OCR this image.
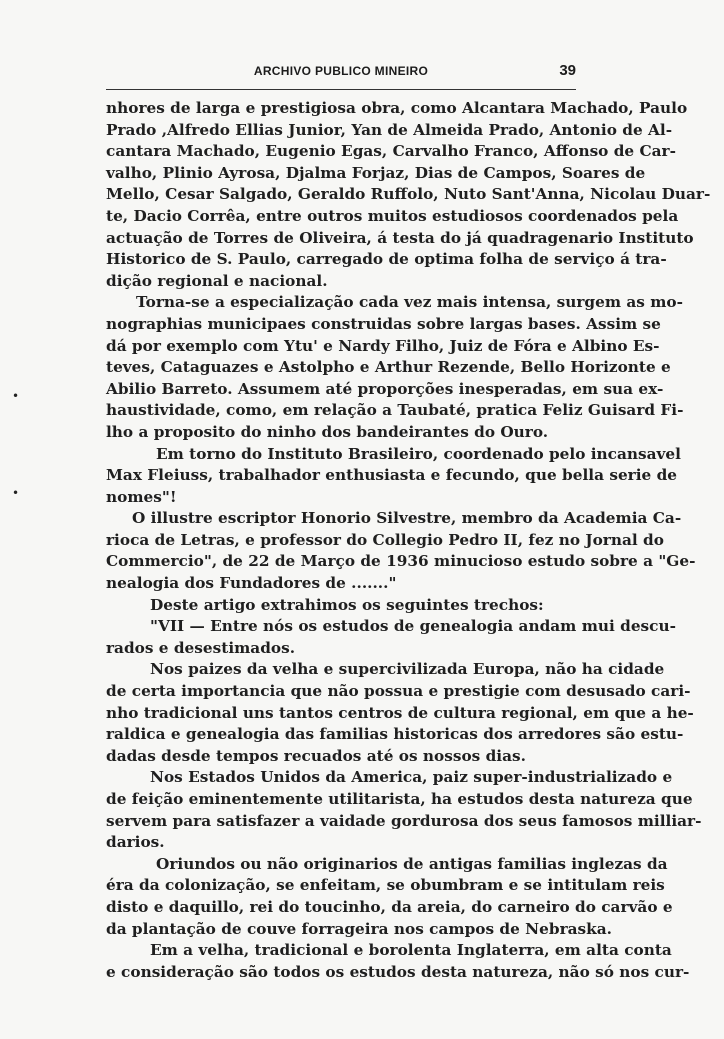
ARCHIVO PUBLICO MINEIRO	39
•
•
nhores de larga e prestigiosa obra, como Alcantara Machado, Paulo
Prado ,Alfredo Ellias Junior, Yan de Almeida Prado, Antonio de Al-
cantara Machado, Eugenio Egas, Carvalho Franco, Affonso de Car-
valho, Plinio Ayrosa, Djalma Forjaz, Dias de Campos, Soares de
Mello, Cesar Salgado, Geraldo Ruffolo, Nuto Sant'Anna, Nicolau Duar-
te, Dacio Corrêa, entre outros muitos estudiosos coordenados pela
actuação de Torres de Oliveira, á testa do já quadragenario Instituto
Historico de S. Paulo, carregado de optima folha de serviço á tra-
dição regional e nacional.
Torna-se a especialização cada vez mais intensa, surgem as mo-
nographias municipaes construidas sobre largas bases. Assim se
dá por exemplo com Ytu' e Nardy Filho, Juiz de Fóra e Albino Es-
teves, Cataguazes e Astolpho e Arthur Rezende, Bello Horizonte e
Abilio Barreto. Assumem até proporções inesperadas, em sua ex-
haustividade, como, em relação a Taubaté, pratica Feliz Guisard Fi-
lho a proposito do ninho dos bandeirantes do Ouro.
Em torno do Instituto Brasileiro, coordenado pelo incansavel
Max Fleiuss, trabalhador enthusiasta e fecundo, que bella serie de
nomes"!
O illustre escriptor Honorio Silvestre, membro da Academia Ca-
rioca de Letras, e professor do Collegio Pedro II, fez no Jornal do
Commercio", de 22 de Março de 1936 minucioso estudo sobre a "Ge-
nealogia dos Fundadores de ......."
Deste artigo extrahimos os seguintes trechos:
"VII — Entre nós os estudos de genealogia andam mui descu-
rados e desestimados.
Nos paizes da velha e supercivilizada Europa, não ha cidade
de certa importancia que não possua e prestigie com desusado cari-
nho tradicional uns tantos centros de cultura regional, em que a he-
raldica e genealogia das familias historicas dos arredores são estu-
dadas desde tempos recuados até os nossos dias.
Nos Estados Unidos da America, paiz super-industrializado e
de feição eminentemente utilitarista, ha estudos desta natureza que
servem para satisfazer a vaidade gordurosa dos seus famosos milliar-
darios.
Oriundos ou não originarios de antigas familias inglezas da
éra da colonização, se enfeitam, se obumbram e se intitulam reis
disto e daquillo, rei do toucinho, da areia, do carneiro do carvão e
da plantação de couve forrageira nos campos de Nebraska.
Em a velha, tradicional e borolenta Inglaterra, em alta conta
e consideração são todos os estudos desta natureza, não só nos cur-
